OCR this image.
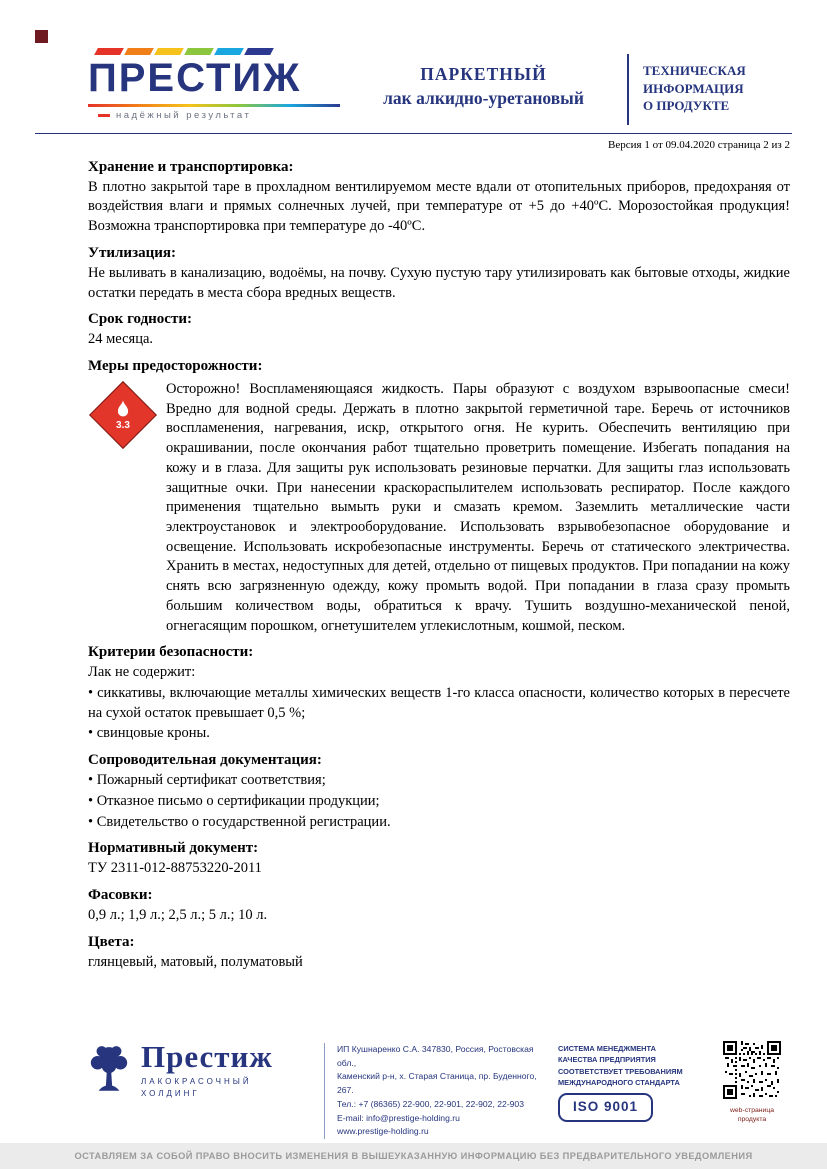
ПРЕСТИЖ
надёжный результат
ПАРКЕТНЫЙ
лак алкидно-уретановый
ТЕХНИЧЕСКАЯ
ИНФОРМАЦИЯ
О ПРОДУКТЕ
Версия 1 от 09.04.2020 страница 2 из 2
Хранение и транспортировка:

В плотно закрытой таре в прохладном вентилируемом месте вдали от отопительных приборов, предохраняя от воздействия влаги и прямых солнечных лучей, при температуре от +5 до +40ºС. Морозостойкая продукция! Возможна транспортировка при температуре до -40ºС.

Утилизация:

Не выливать в канализацию, водоёмы, на почву. Сухую пустую тару утилизировать как бытовые отходы, жидкие остатки передать в места сбора вредных веществ.

Срок годности:

24 месяца.

Меры предосторожности:
3.3

Осторожно! Воспламеняющаяся жидкость. Пары образуют с воздухом взрывоопасные смеси! Вредно для водной среды. Держать в плотно закрытой герметичной таре. Беречь от источников воспламенения, нагревания, искр, открытого огня. Не курить. Обеспечить вентиляцию при окрашивании, после окончания работ тщательно проветрить помещение. Избегать попадания на кожу и в глаза. Для защиты рук использовать резиновые перчатки. Для защиты глаз использовать защитные очки. При нанесении краскораспылителем использовать респиратор. После каждого применения тщательно вымыть руки и смазать кремом. Заземлить металлические части электроустановок и электрооборудование. Использовать взрывобезопасное оборудование и освещение. Использовать искробезопасные инструменты. Беречь от статического электричества. Хранить в местах, недоступных для детей, отдельно от пищевых продуктов. При попадании на кожу снять всю загрязненную одежду, кожу промыть водой. При попадании в глаза сразу промыть большим количеством воды, обратиться к врачу. Тушить воздушно-механической пеной, огнегасящим порошком, огнетушителем углекислотным, кошмой, песком.

Критерии безопасности:

Лак не содержит:

• сиккативы, включающие металлы химических веществ 1-го класса опасности, количество которых в пересчете на сухой остаток превышает 0,5 %;

• свинцовые кроны.

Сопроводительная документация:

• Пожарный сертификат соответствия;

• Отказное письмо о сертификации продукции;

• Свидетельство о государственной регистрации.

Нормативный документ:

ТУ 2311-012-88753220-2011

Фасовки:

0,9 л.; 1,9 л.; 2,5 л.; 5 л.; 10 л.

Цвета:

глянцевый, матовый, полуматовый

Престиж
ЛАКОКРАСОЧНЫЙ
ХОЛДИНГ
ИП Кушнаренко С.А. 347830, Россия, Ростовская обл.,
Каменский р-н, х. Старая Станица, пр. Буденного, 267.
Тел.: +7 (86365) 22-900, 22-901, 22-902, 22-903
E-mail: info@prestige-holding.ru
www.prestige-holding.ru
СИСТЕМА МЕНЕДЖМЕНТА
КАЧЕСТВА ПРЕДПРИЯТИЯ
СООТВЕТСТВУЕТ ТРЕБОВАНИЯМ
МЕЖДУНАРОДНОГО СТАНДАРТА
ISO 9001	web-страница продукта
ОСТАВЛЯЕМ ЗА СОБОЙ ПРАВО ВНОСИТЬ ИЗМЕНЕНИЯ В ВЫШЕУКАЗАННУЮ ИНФОРМАЦИЮ БЕЗ ПРЕДВАРИТЕЛЬНОГО УВЕДОМЛЕНИЯ
